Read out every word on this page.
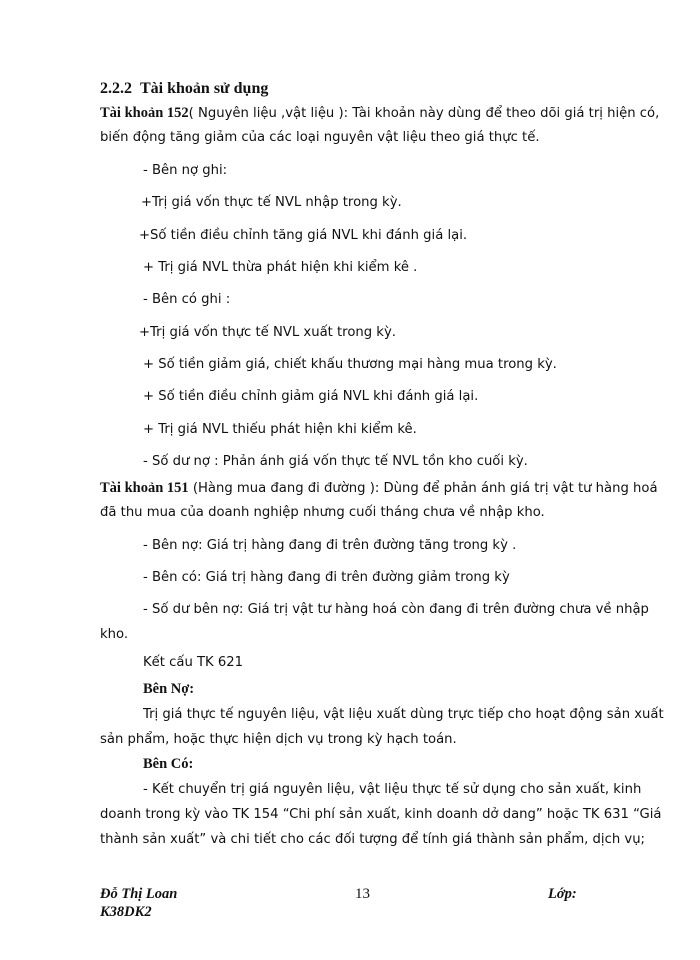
2.2.2 Tài khoản sử dụng
Tài khoản 152( Nguyên liệu ,vật liệu ): Tài khoản này dùng để theo dõi giá trị hiện có,
biến động tăng giảm của các loại nguyên vật liệu theo giá thực tế.
- Bên nợ ghi:
+Trị giá vốn thực tế NVL nhập trong kỳ.
+Số tiền điều chỉnh tăng giá NVL khi đánh giá lại.
+ Trị giá NVL thừa phát hiện khi kiểm kê .
- Bên có ghi :
+Trị giá vốn thực tế NVL xuất trong kỳ.
+ Số tiền giảm giá, chiết khấu thương mại hàng mua trong kỳ.
+ Số tiền điều chỉnh giảm giá NVL khi đánh giá lại.
+ Trị giá NVL thiếu phát hiện khi kiểm kê.
- Số dư nợ : Phản ánh giá vốn thực tế NVL tồn kho cuối kỳ.
Tài khoản 151 (Hàng mua đang đi đường ): Dùng để phản ánh giá trị vật tư hàng hoá
đã thu mua của doanh nghiệp nhưng cuối tháng chưa về nhập kho.
- Bên nợ: Giá trị hàng đang đi trên đường tăng trong kỳ .
- Bên có: Giá trị hàng đang đi trên đường giảm trong kỳ
- Số dư bên nợ: Giá trị vật tư hàng hoá còn đang đi trên đường chưa về nhập
kho.
Kết cấu TK 621
Bên Nợ:
Trị giá thực tế nguyên liệu, vật liệu xuất dùng trực tiếp cho hoạt động sản xuất
sản phẩm, hoặc thực hiện dịch vụ trong kỳ hạch toán.
Bên Có:
- Kết chuyển trị giá nguyên liệu, vật liệu thực tế sử dụng cho sản xuất, kinh
doanh trong kỳ vào TK 154 “Chi phí sản xuất, kinh doanh dở dang” hoặc TK 631 “Giá
thành sản xuất” và chi tiết cho các đối tượng để tính giá thành sản phẩm, dịch vụ;
Đỗ Thị Loan
K38DK2
13	Lớp:
